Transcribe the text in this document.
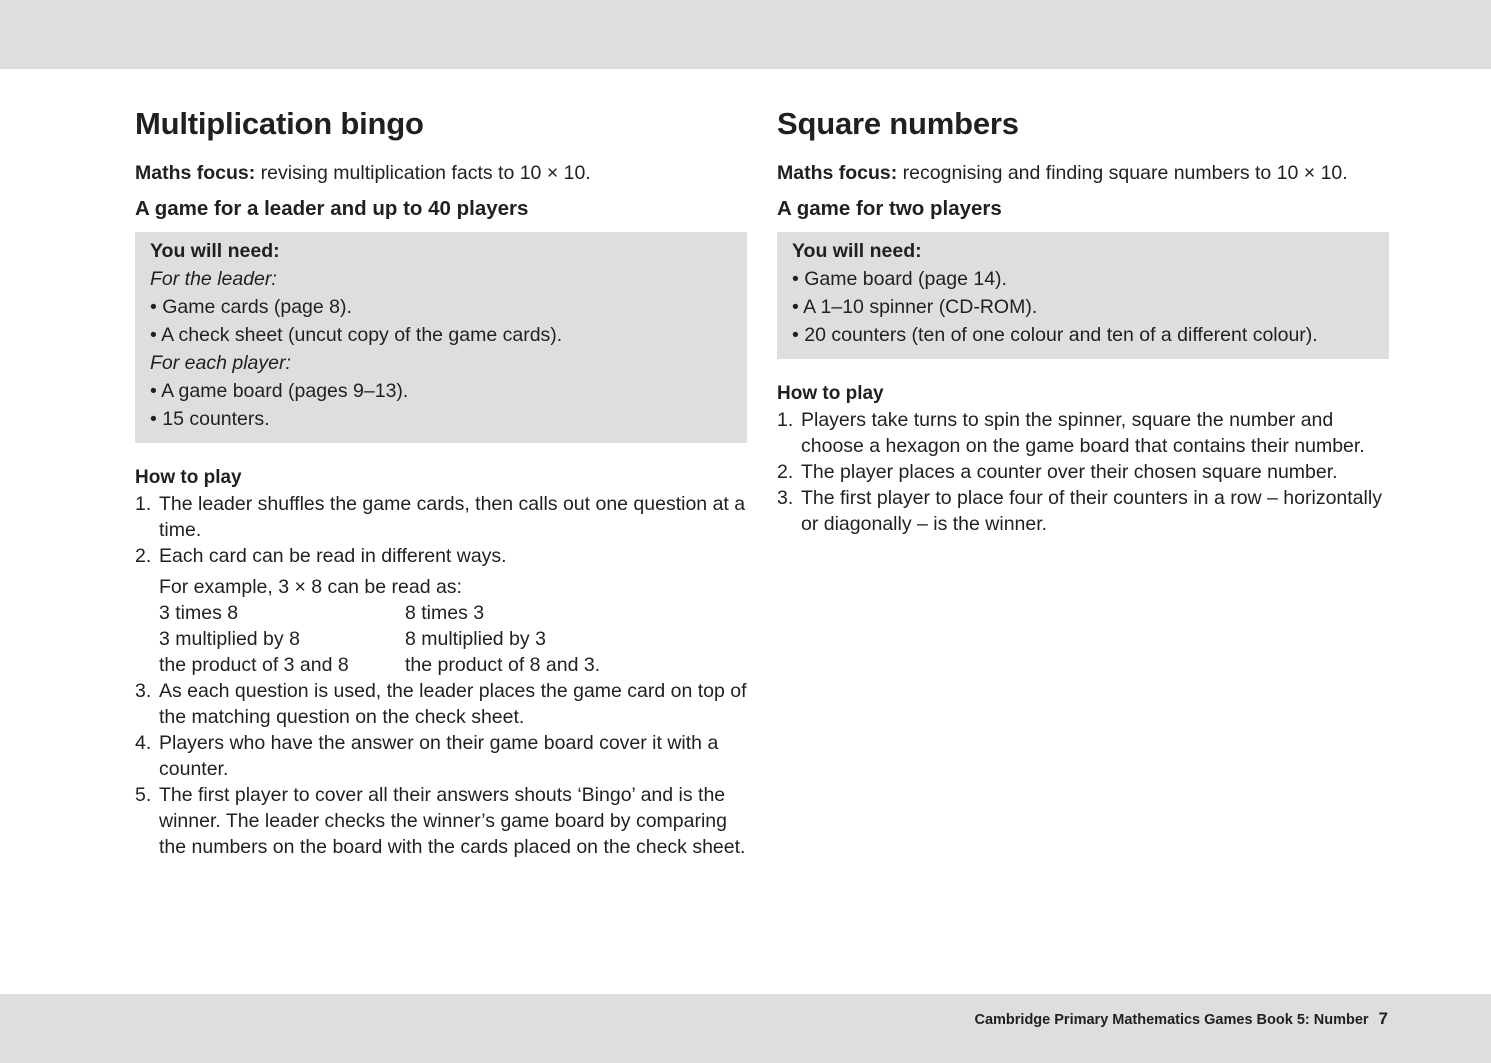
Multiplication bingo
Maths focus: revising multiplication facts to 10 × 10.
A game for a leader and up to 40 players
You will need:
For the leader:
• Game cards (page 8).
• A check sheet (uncut copy of the game cards).
For each player:
• A game board (pages 9–13).
• 15 counters.
How to play
1. The leader shuffles the game cards, then calls out one question at a time.
2. Each card can be read in different ways.
For example, 3 × 8 can be read as:
3 times 8	8 times 3
3 multiplied by 8	8 multiplied by 3
the product of 3 and 8	the product of 8 and 3.
3. As each question is used, the leader places the game card on top of the matching question on the check sheet.
4. Players who have the answer on their game board cover it with a counter.
5. The first player to cover all their answers shouts ‘Bingo’ and is the winner. The leader checks the winner’s game board by comparing the numbers on the board with the cards placed on the check sheet.
Square numbers
Maths focus: recognising and finding square numbers to 10 × 10.
A game for two players
You will need:
• Game board (page 14).
• A 1–10 spinner (CD-ROM).
• 20 counters (ten of one colour and ten of a different colour).
How to play
1. Players take turns to spin the spinner, square the number and choose a hexagon on the game board that contains their number.
2. The player places a counter over their chosen square number.
3. The first player to place four of their counters in a row – horizontally or diagonally – is the winner.
Cambridge Primary Mathematics Games Book 5: Number 7
